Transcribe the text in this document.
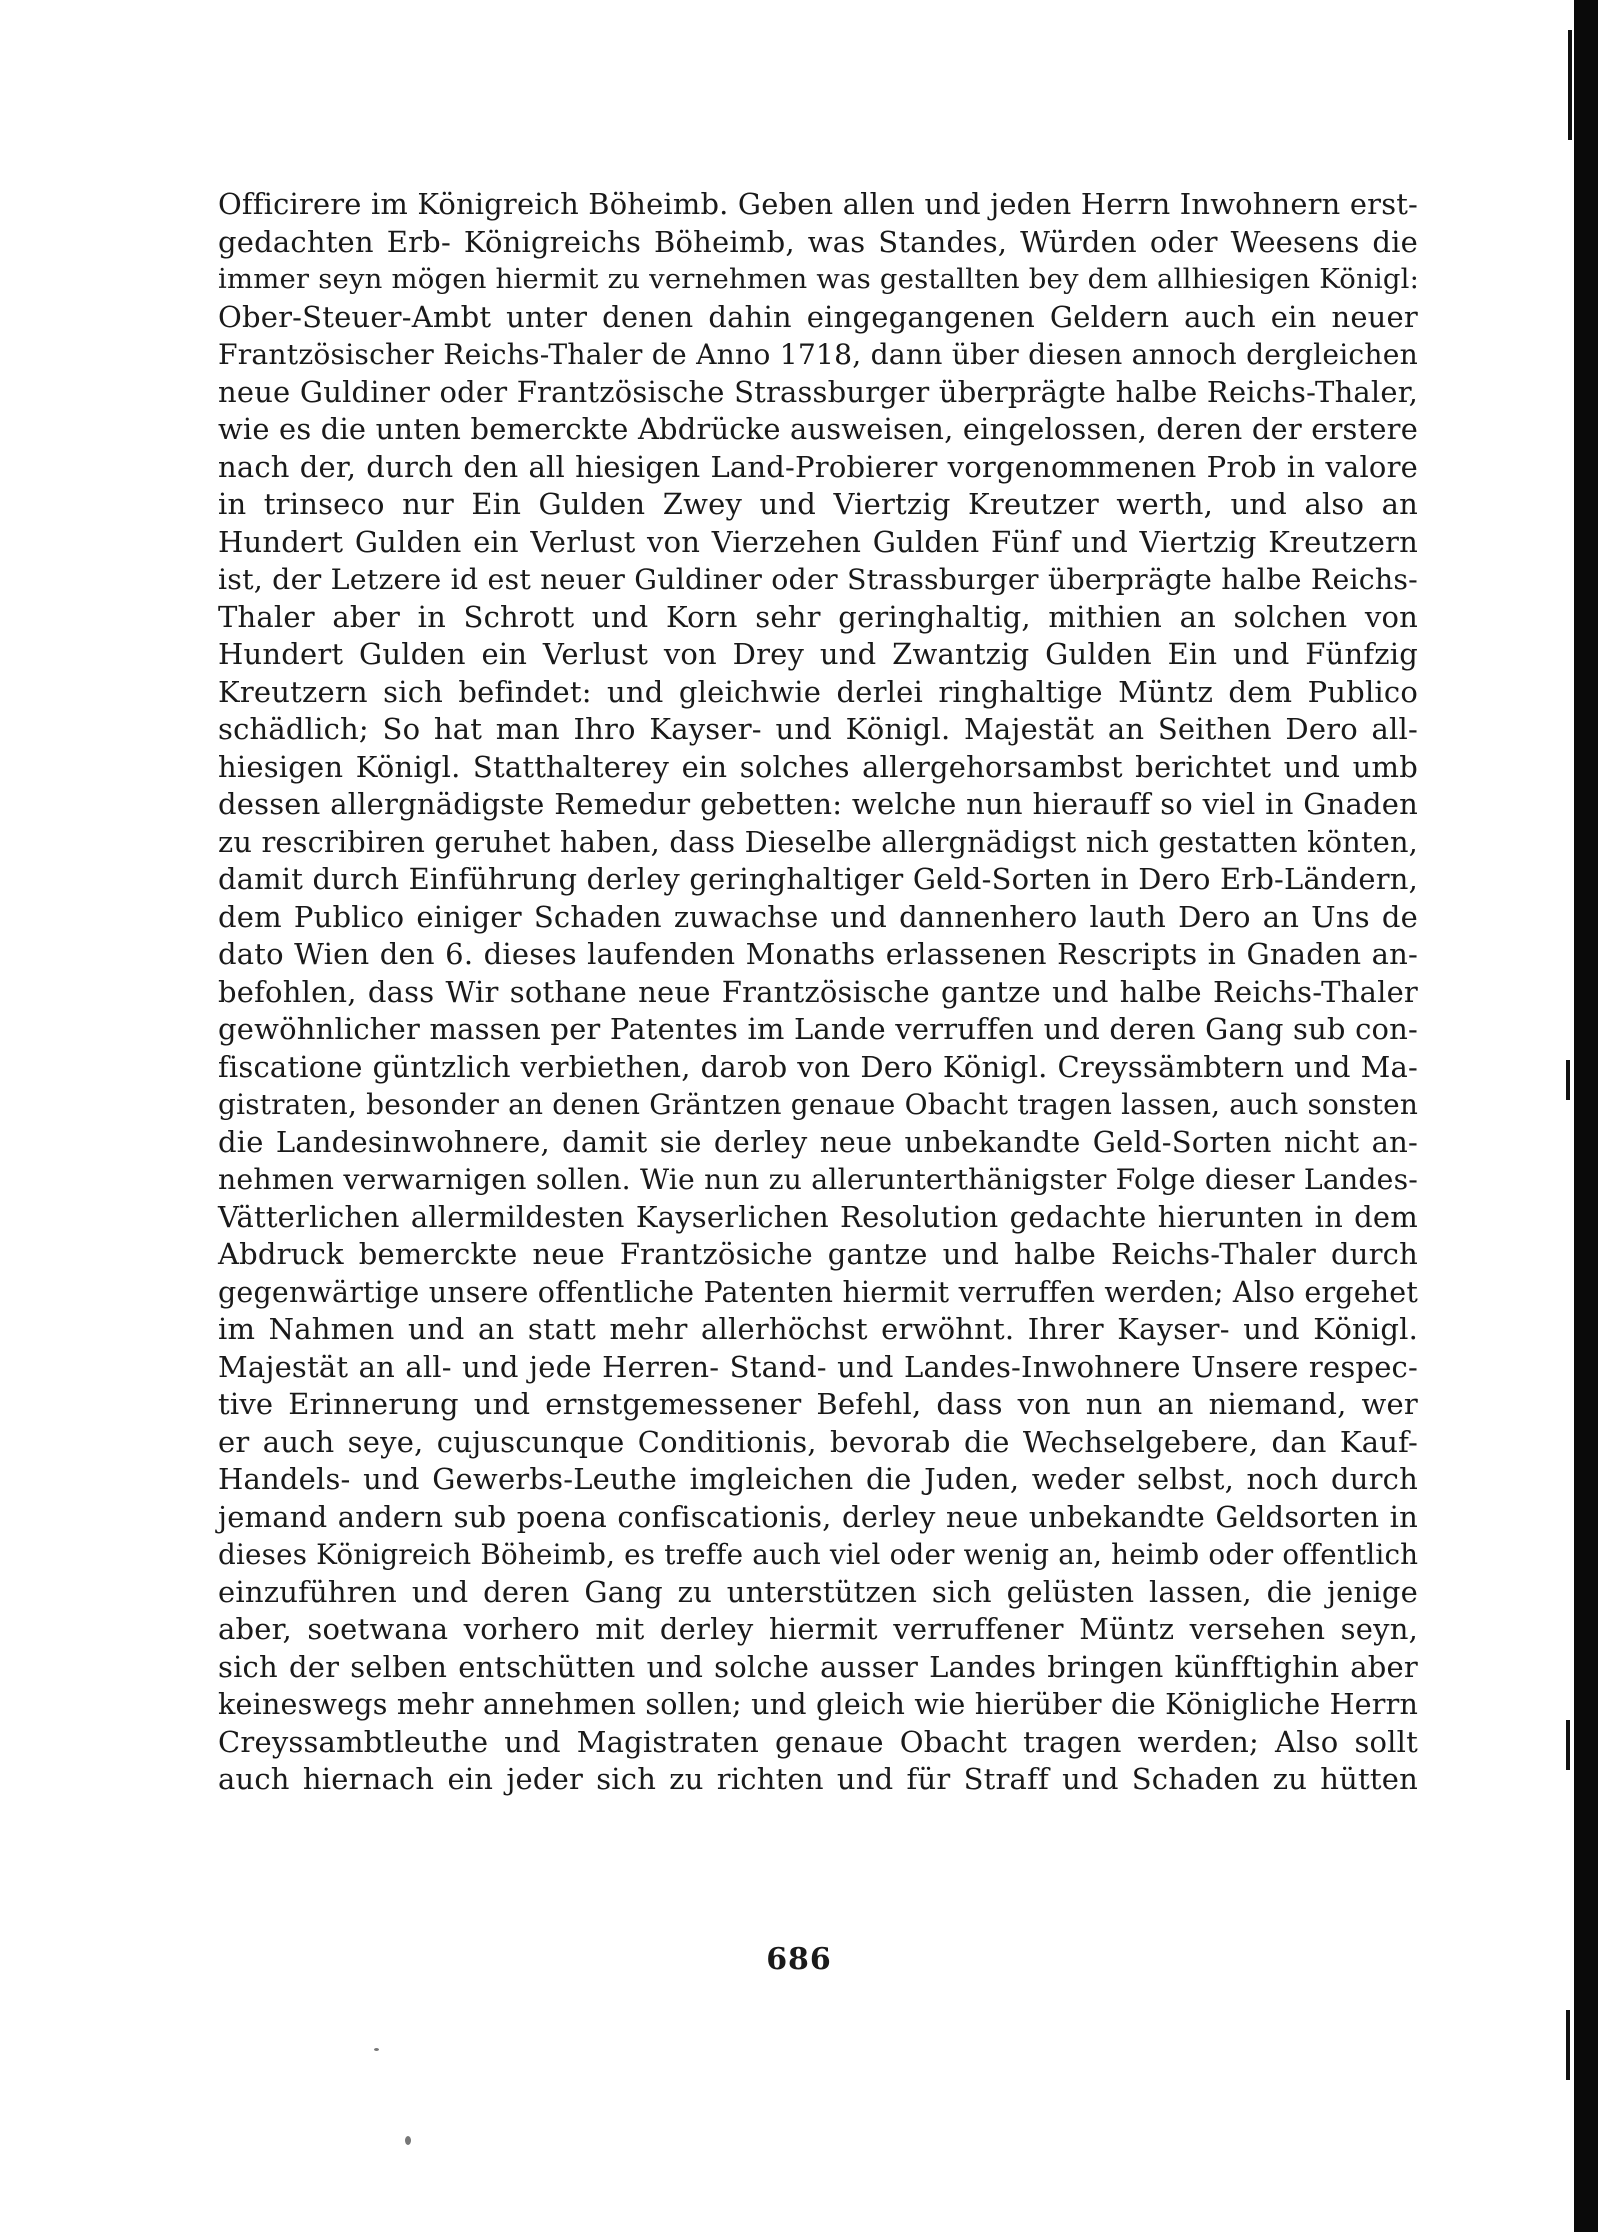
Officirere im Königreich Böheimb. Geben allen und jeden Herrn Inwohnern erst-
gedachten Erb- Königreichs Böheimb, was Standes, Würden oder Weesens die
immer seyn mögen hiermit zu vernehmen was gestallten bey dem allhiesigen Königl:
Ober-Steuer-Ambt unter denen dahin eingegangenen Geldern auch ein neuer
Frantzösischer Reichs-Thaler de Anno 1718, dann über diesen annoch dergleichen
neue Guldiner oder Frantzösische Strassburger überprägte halbe Reichs-Thaler,
wie es die unten bemerckte Abdrücke ausweisen, eingelossen, deren der erstere
nach der, durch den all hiesigen Land-Probierer vorgenommenen Prob in valore
in trinseco nur Ein Gulden Zwey und Viertzig Kreutzer werth, und also an
Hundert Gulden ein Verlust von Vierzehen Gulden Fünf und Viertzig Kreutzern
ist, der Letzere id est neuer Guldiner oder Strassburger überprägte halbe Reichs-
Thaler aber in Schrott und Korn sehr geringhaltig, mithien an solchen von
Hundert Gulden ein Verlust von Drey und Zwantzig Gulden Ein und Fünfzig
Kreutzern sich befindet: und gleichwie derlei ringhaltige Müntz dem Publico
schädlich; So hat man Ihro Kayser- und Königl. Majestät an Seithen Dero all-
hiesigen Königl. Statthalterey ein solches allergehorsambst berichtet und umb
dessen allergnädigste Remedur gebetten: welche nun hierauff so viel in Gnaden
zu rescribiren geruhet haben, dass Dieselbe allergnädigst nich gestatten könten,
damit durch Einführung derley geringhaltiger Geld-Sorten in Dero Erb-Ländern,
dem Publico einiger Schaden zuwachse und dannenhero lauth Dero an Uns de
dato Wien den 6. dieses laufenden Monaths erlassenen Rescripts in Gnaden an-
befohlen, dass Wir sothane neue Frantzösische gantze und halbe Reichs-Thaler
gewöhnlicher massen per Patentes im Lande verruffen und deren Gang sub con-
fiscatione güntzlich verbiethen, darob von Dero Königl. Creyssämbtern und Ma-
gistraten, besonder an denen Gräntzen genaue Obacht tragen lassen, auch sonsten
die Landesinwohnere, damit sie derley neue unbekandte Geld-Sorten nicht an-
nehmen verwarnigen sollen. Wie nun zu allerunterthänigster Folge dieser Landes-
Vätterlichen allermildesten Kayserlichen Resolution gedachte hierunten in dem
Abdruck bemerckte neue Frantzösiche gantze und halbe Reichs-Thaler durch
gegenwärtige unsere offentliche Patenten hiermit verruffen werden; Also ergehet
im Nahmen und an statt mehr allerhöchst erwöhnt. Ihrer Kayser- und Königl.
Majestät an all- und jede Herren- Stand- und Landes-Inwohnere Unsere respec-
tive Erinnerung und ernstgemessener Befehl, dass von nun an niemand, wer
er auch seye, cujuscunque Conditionis, bevorab die Wechselgebere, dan Kauf-
Handels- und Gewerbs-Leuthe imgleichen die Juden, weder selbst, noch durch
jemand andern sub poena confiscationis, derley neue unbekandte Geldsorten in
dieses Königreich Böheimb, es treffe auch viel oder wenig an, heimb oder offentlich
einzuführen und deren Gang zu unterstützen sich gelüsten lassen, die jenige
aber, soetwana vorhero mit derley hiermit verruffener Müntz versehen seyn,
sich der selben entschütten und solche ausser Landes bringen künfftighin aber
keineswegs mehr annehmen sollen; und gleich wie hierüber die Königliche Herrn
Creyssambtleuthe und Magistraten genaue Obacht tragen werden; Also sollt
auch hiernach ein jeder sich zu richten und für Straff und Schaden zu hütten
686
